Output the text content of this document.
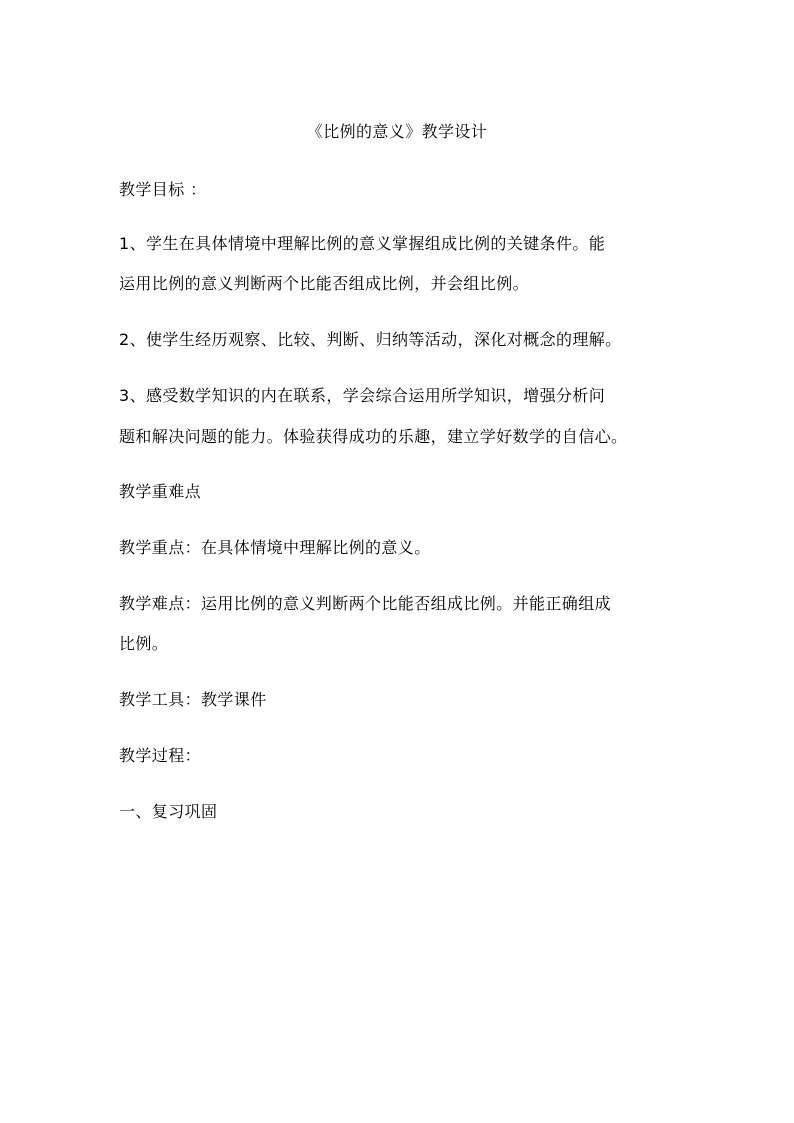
《比例的意义》教学设计
教学目标 ：
1、学生在具体情境中理解比例的意义掌握组成比例的关键条件。能
运用比例的意义判断两个比能否组成比例，并会组比例。
2、使学生经历观察、比较、判断、归纳等活动，深化对概念的理解。
3、感受数学知识的内在联系，学会综合运用所学知识，增强分析问
题和解决问题的能力。体验获得成功的乐趣，建立学好数学的自信心。
教学重难点
教学重点：在具体情境中理解比例的意义。
教学难点：运用比例的意义判断两个比能否组成比例。并能正确组成
比例。
教学工具：教学课件
教学过程：
一、复习巩固
